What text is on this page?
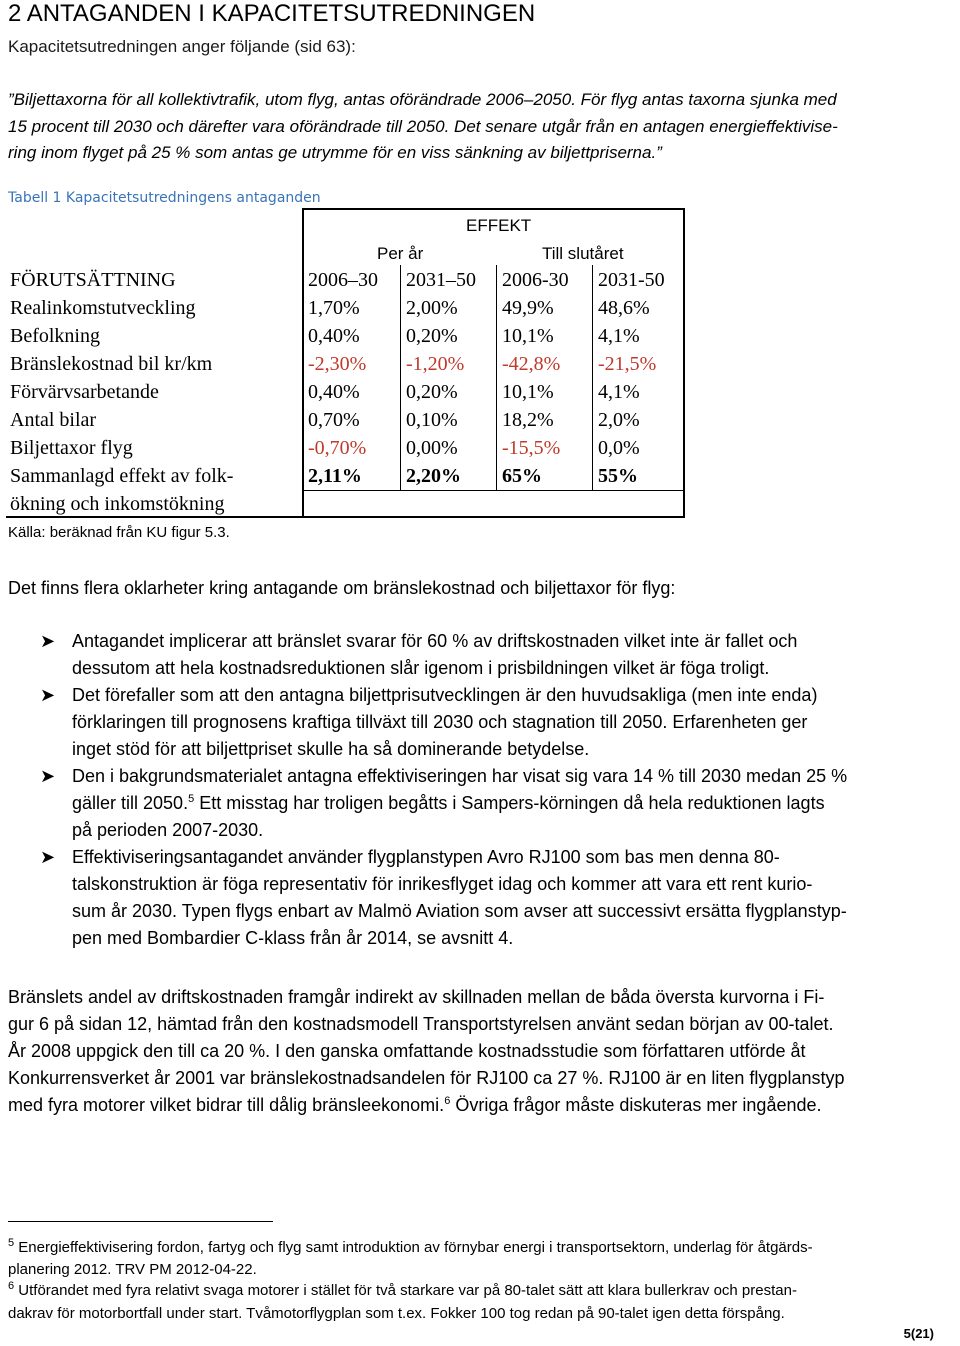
2 ANTAGANDEN I KAPACITETSUTREDNINGEN
Kapacitetsutredningen anger följande (sid 63):
”Biljettaxorna för all kollektivtrafik, utom flyg, antas oförändrade 2006–2050. För flyg antas taxorna sjunka med
15 procent till 2030 och därefter vara oförändrade till 2050. Det senare utgår från en antagen energieffektivise-
ring inom flyget på 25 % som antas ge utrymme för en viss sänkning av biljettpriserna.”
Tabell 1 Kapacitetsutredningens antaganden
EFFEKT
Per år	Till slutåret
FÖRUTSÄTTNING	2006–30 2031–50 2006-30 2031-50
Realinkomstutveckling	1,70% 2,00% 49,9% 48,6%
Befolkning	0,40% 0,20% 10,1% 4,1%
Bränslekostnad bil kr/km	-2,30% -1,20% -42,8% -21,5%
Förvärvsarbetande	0,40% 0,20% 10,1% 4,1%
Antal bilar	0,70% 0,10% 18,2% 2,0%
Biljettaxor flyg	-0,70% 0,00% -15,5% 0,0%
Sammanlagd effekt av folk-	2,11% 2,20% 65%	55%
ökning och inkomstökning
Källa: beräknad från KU figur 5.3.
Det finns flera oklarheter kring antagande om bränslekostnad och biljettaxor för flyg:
➤ Antagandet implicerar att bränslet svarar för 60 % av driftskostnaden vilket inte är fallet och
dessutom att hela kostnadsreduktionen slår igenom i prisbildningen vilket är föga troligt.
➤ Det förefaller som att den antagna biljettprisutvecklingen är den huvudsakliga (men inte enda)
förklaringen till prognosens kraftiga tillväxt till 2030 och stagnation till 2050. Erfarenheten ger
inget stöd för att biljettpriset skulle ha så dominerande betydelse.
➤ Den i bakgrundsmaterialet antagna effektiviseringen har visat sig vara 14 % till 2030 medan 25 %
gäller till 2050.$^5$ Ett misstag har troligen begåtts i Sampers-körningen då hela reduktionen lagts
på perioden 2007-2030.
➤ Effektiviseringsantagandet använder flygplanstypen Avro RJ100 som bas men denna 80-
talskonstruktion är föga representativ för inrikesflyget idag och kommer att vara ett rent kurio-
sum år 2030. Typen flygs enbart av Malmö Aviation som avser att successivt ersätta flygplanstyp-
pen med Bombardier C-klass från år 2014, se avsnitt 4.
Bränslets andel av driftskostnaden framgår indirekt av skillnaden mellan de båda översta kurvorna i Fi-
gur 6 på sidan 12, hämtad från den kostnadsmodell Transportstyrelsen använt sedan början av 00-talet.
År 2008 uppgick den till ca 20 %. I den ganska omfattande kostnadsstudie som författaren utförde åt
Konkurrensverket år 2001 var bränslekostnadsandelen för RJ100 ca 27 %. RJ100 är en liten flygplanstyp
med fyra motorer vilket bidrar till dålig bränsleekonomi.$^6$ Övriga frågor måste diskuteras mer ingående.
$^5$ Energieffektivisering fordon, fartyg och flyg samt introduktion av förnybar energi i transportsektorn, underlag för åtgärds-
planering 2012. TRV PM 2012-04-22.
$^6$ Utförandet med fyra relativt svaga motorer i stället för två starkare var på 80-talet sätt att klara bullerkrav och prestan-
dakrav för motorbortfall under start. Tvåmotorflygplan som t.ex. Fokker 100 tog redan på 90-talet igen detta förspång.
5(21)
